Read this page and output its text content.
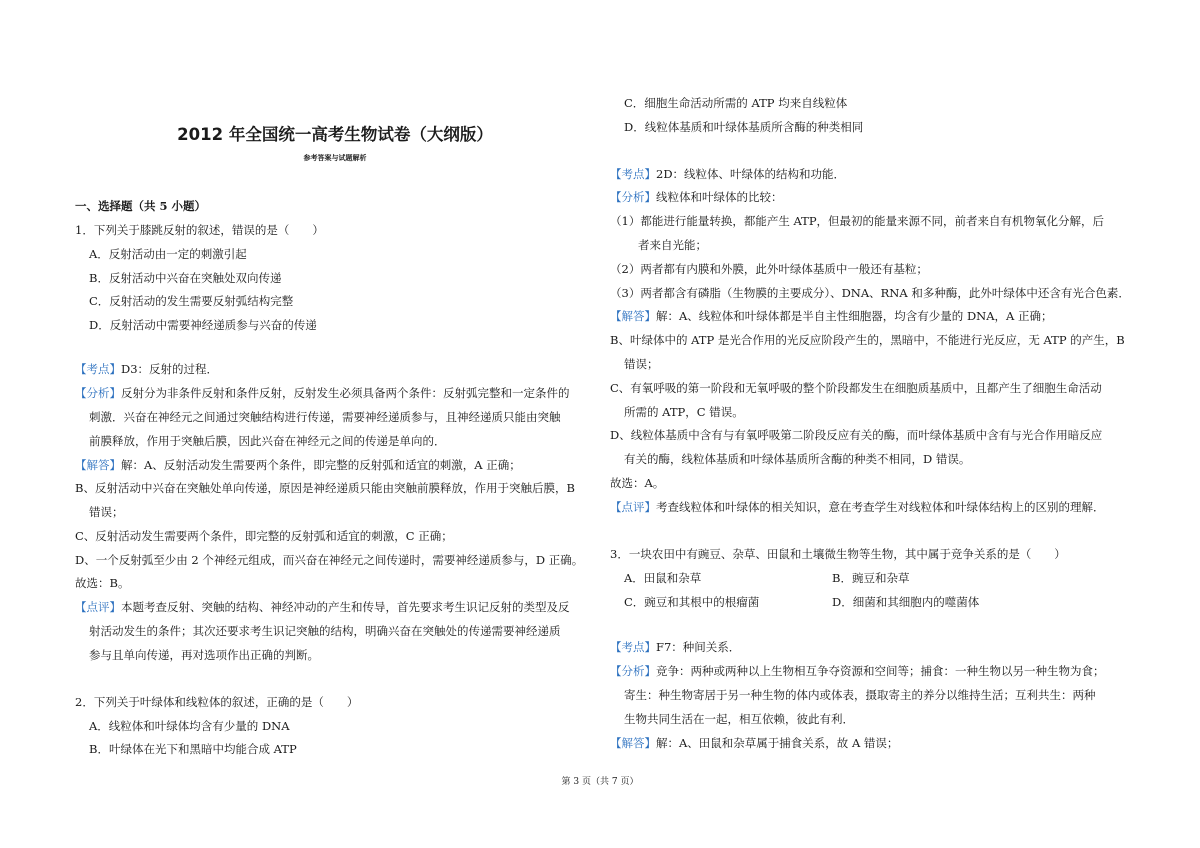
2012 年全国统一高考生物试卷（大纲版）
参考答案与试题解析
一、选择题（共 5 小题）
1．下列关于膝跳反射的叙述，错误的是（　　）
A．反射活动由一定的刺激引起
B．反射活动中兴奋在突触处双向传递
C．反射活动的发生需要反射弧结构完整
D．反射活动中需要神经递质参与兴奋的传递
【考点】D3：反射的过程．
【分析】反射分为非条件反射和条件反射，反射发生必须具备两个条件：反射弧完整和一定条件的
刺激．兴奋在神经元之间通过突触结构进行传递，需要神经递质参与，且神经递质只能由突触
前膜释放，作用于突触后膜，因此兴奋在神经元之间的传递是单向的．
【解答】解：A、反射活动发生需要两个条件，即完整的反射弧和适宜的刺激，A 正确；
B、反射活动中兴奋在突触处单向传递，原因是神经递质只能由突触前膜释放，作用于突触后膜，B
错误；
C、反射活动发生需要两个条件，即完整的反射弧和适宜的刺激，C 正确；
D、一个反射弧至少由 2 个神经元组成，而兴奋在神经元之间传递时，需要神经递质参与，D 正确。
故选：B。
【点评】本题考查反射、突触的结构、神经冲动的产生和传导，首先要求考生识记反射的类型及反
射活动发生的条件；其次还要求考生识记突触的结构，明确兴奋在突触处的传递需要神经递质
参与且单向传递，再对选项作出正确的判断。
2．下列关于叶绿体和线粒体的叙述，正确的是（　　）
A．线粒体和叶绿体均含有少量的 DNA
B．叶绿体在光下和黑暗中均能合成 ATP
C．细胞生命活动所需的 ATP 均来自线粒体
D．线粒体基质和叶绿体基质所含酶的种类相同
【考点】2D：线粒体、叶绿体的结构和功能．
【分析】线粒体和叶绿体的比较：
（1）都能进行能量转换，都能产生 ATP，但最初的能量来源不同，前者来自有机物氧化分解，后
者来自光能；
（2）两者都有内膜和外膜，此外叶绿体基质中一般还有基粒；
（3）两者都含有磷脂（生物膜的主要成分）、DNA、RNA 和多种酶，此外叶绿体中还含有光合色素．
【解答】解：A、线粒体和叶绿体都是半自主性细胞器，均含有少量的 DNA，A 正确；
B、叶绿体中的 ATP 是光合作用的光反应阶段产生的，黑暗中，不能进行光反应，无 ATP 的产生，B
错误；
C、有氧呼吸的第一阶段和无氧呼吸的整个阶段都发生在细胞质基质中，且都产生了细胞生命活动
所需的 ATP，C 错误。
D、线粒体基质中含有与有氧呼吸第二阶段反应有关的酶，而叶绿体基质中含有与光合作用暗反应
有关的酶，线粒体基质和叶绿体基质所含酶的种类不相同，D 错误。
故选：A。
【点评】考查线粒体和叶绿体的相关知识，意在考查学生对线粒体和叶绿体结构上的区别的理解．
3．一块农田中有豌豆、杂草、田鼠和土壤微生物等生物，其中属于竞争关系的是（　　）
A．田鼠和杂草	B．豌豆和杂草
C．豌豆和其根中的根瘤菌	D．细菌和其细胞内的噬菌体
【考点】F7：种间关系．
【分析】竞争：两种或两种以上生物相互争夺资源和空间等；捕食：一种生物以另一种生物为食；
寄生：种生物寄居于另一种生物的体内或体表，摄取寄主的养分以维持生活；互利共生：两种
生物共同生活在一起，相互依赖，彼此有利．
【解答】解：A、田鼠和杂草属于捕食关系，故 A 错误；
第 3 页（共 7 页）
